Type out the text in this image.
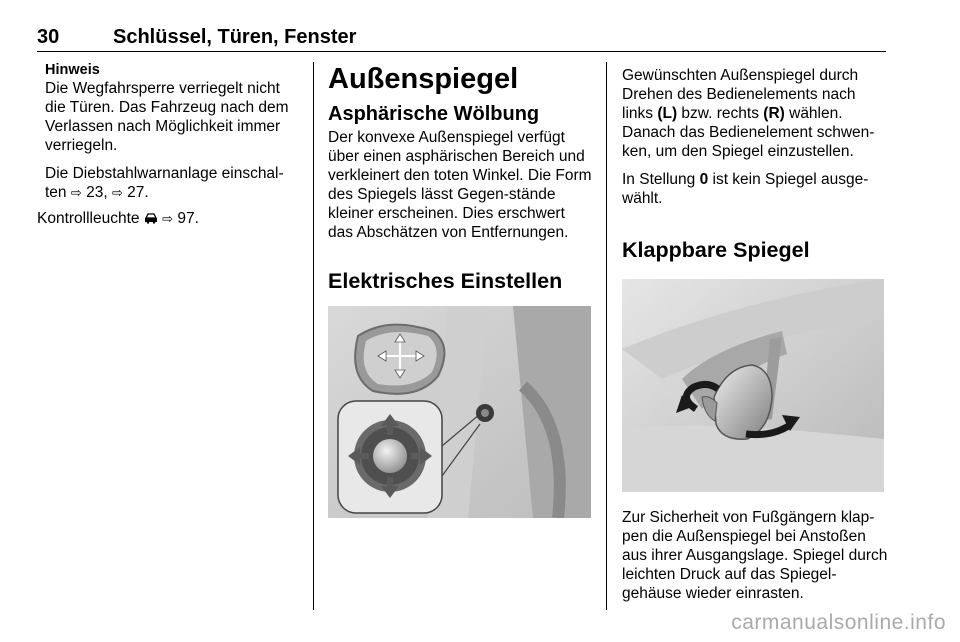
30	Schlüssel, Türen, Fenster

Hinweis

Die Wegfahrsperre verriegelt nicht die Türen. Das Fahrzeug nach dem Verlassen nach Möglichkeit immer verriegeln.

Die Diebstahlwarnanlage einschal-ten ⇨ 23, ⇨ 27.

Kontrollleuchte  ⇨ 97.

Außenspiegel
Asphärische Wölbung

Der konvexe Außenspiegel verfügt über einen asphärischen Bereich und verkleinert den toten Winkel. Die Form des Spiegels lässt Gegen-stände kleiner erscheinen. Dies erschwert das Abschätzen von Entfernungen.

Elektrisches Einstellen

Gewünschten Außenspiegel durch Drehen des Bedienelements nach links (L) bzw. rechts (R) wählen. Danach das Bedienelement schwen-ken, um den Spiegel einzustellen.

In Stellung 0 ist kein Spiegel ausge-wählt.

Klappbare Spiegel

Zur Sicherheit von Fußgängern klap-pen die Außenspiegel bei Anstoßen aus ihrer Ausgangslage. Spiegel durch leichten Druck auf das Spiegel-gehäuse wieder einrasten.

carmanualsonline.info
